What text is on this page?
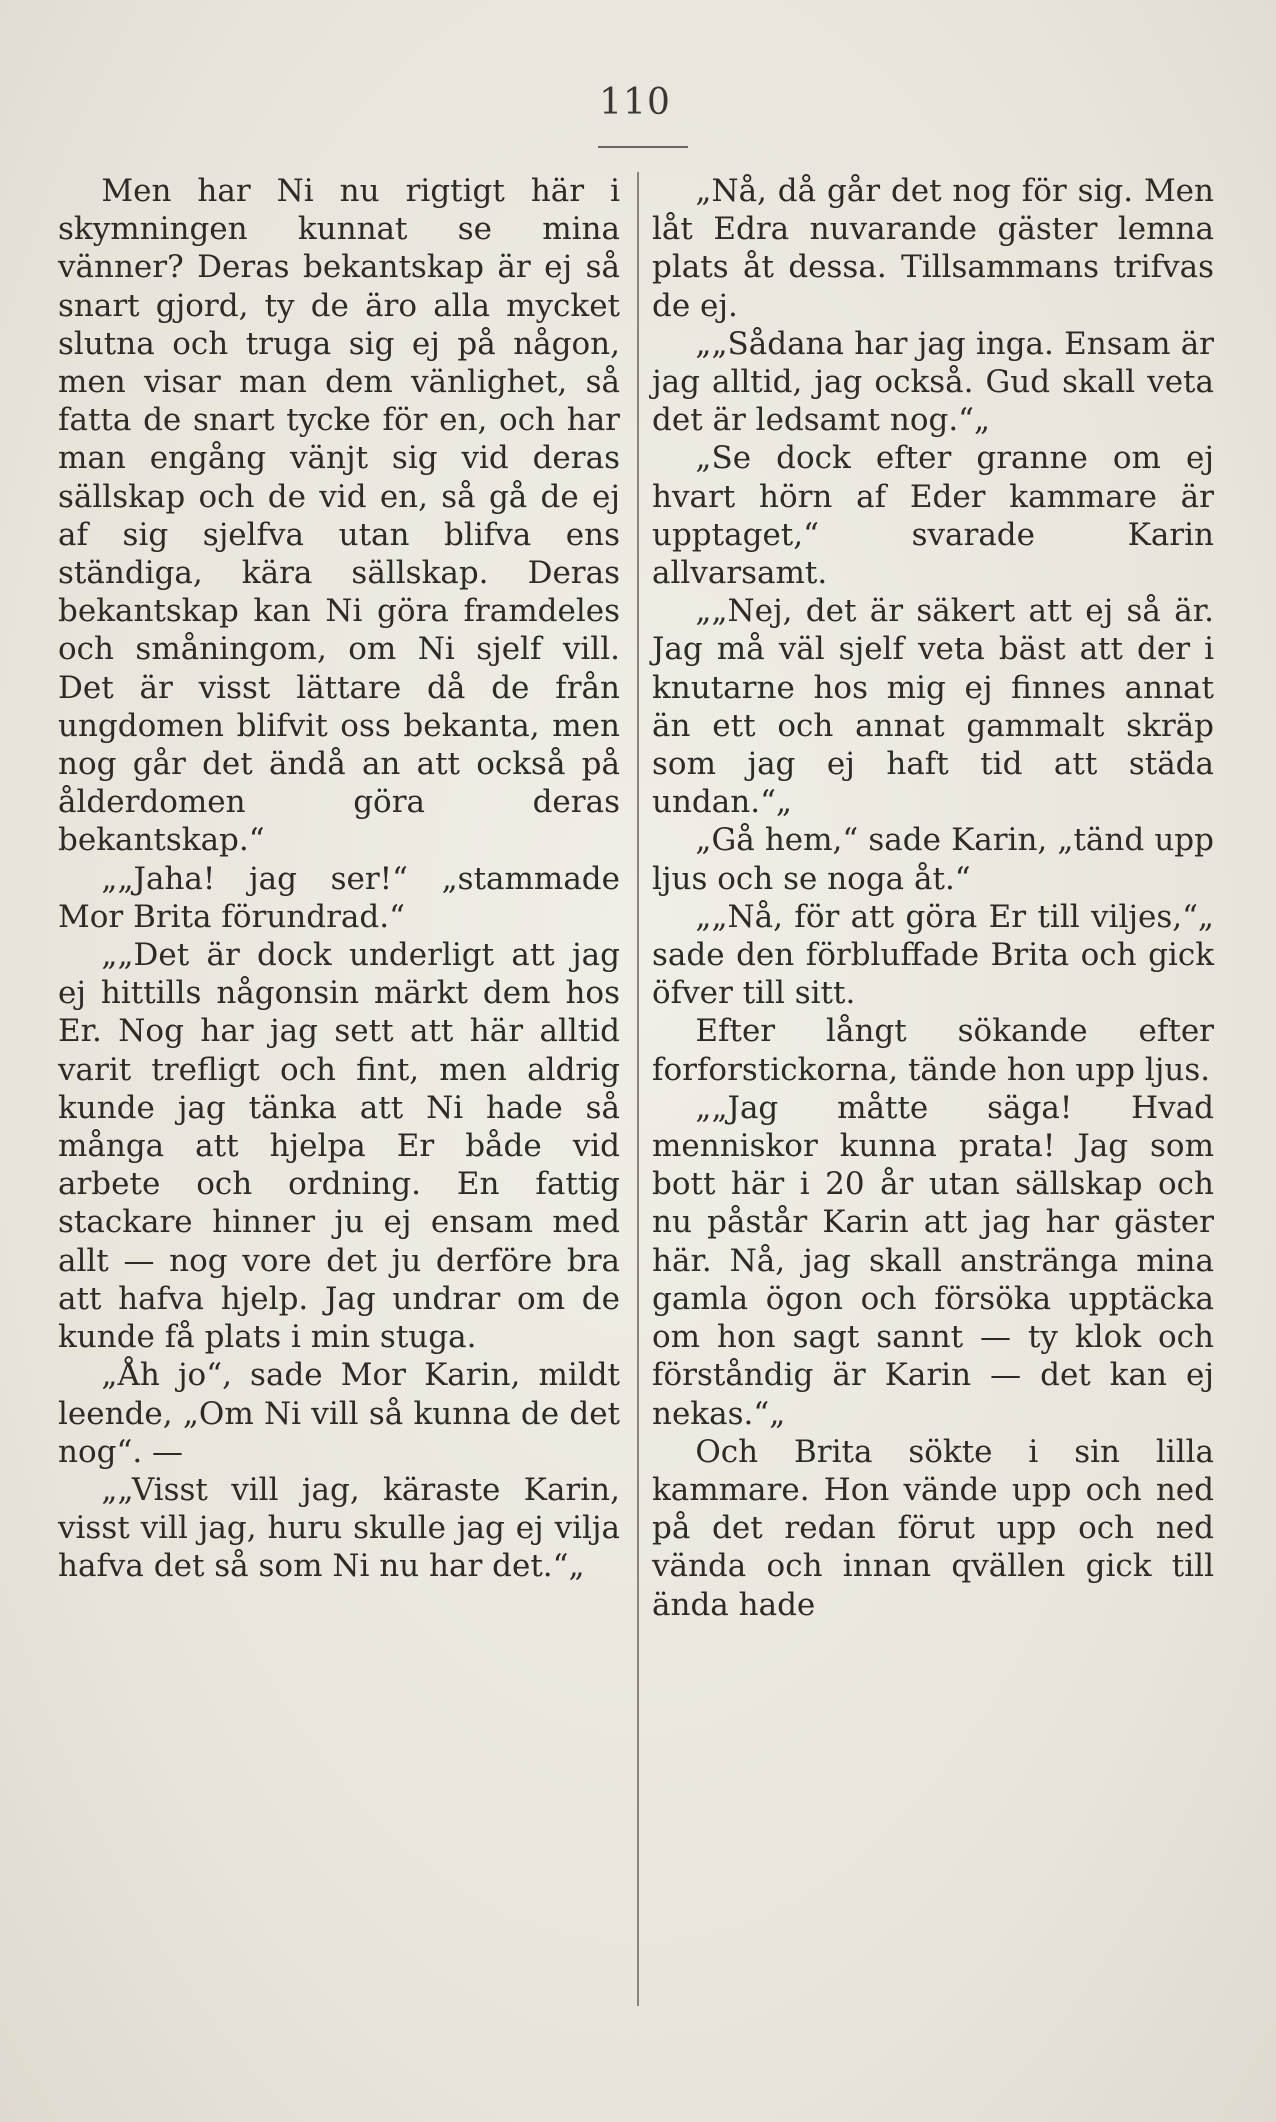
110

Men har Ni nu rigtigt här i skymningen kunnat se mina vänner? Deras bekantskap är ej så snart gjord, ty de äro alla mycket slutna och truga sig ej på någon, men visar man dem vänlighet, så fatta de snart tycke för en, och har man engång vänjt sig vid deras sällskap och de vid en, så gå de ej af sig sjelfva utan blifva ens ständiga, kära sällskap. Deras bekantskap kan Ni göra framdeles och småningom, om Ni sjelf vill. Det är visst lättare då de från ungdomen blifvit oss bekanta, men nog går det ändå an att också på ålderdomen göra deras bekantskap.“

„„Jaha! jag ser!“ „stammade Mor Brita förundrad.“

„„Det är dock underligt att jag ej hittills någonsin märkt dem hos Er. Nog har jag sett att här alltid varit trefligt och fint, men aldrig kunde jag tänka att Ni hade så många att hjelpa Er både vid arbete och ordning. En fattig stackare hinner ju ej ensam med allt — nog vore det ju derföre bra att hafva hjelp. Jag undrar om de kunde få plats i min stuga.

„Åh jo“, sade Mor Karin, mildt leende, „Om Ni vill så kunna de det nog“. —

„„Visst vill jag, käraste Karin, visst vill jag, huru skulle jag ej vilja hafva det så som Ni nu har det.“„

„Nå, då går det nog för sig. Men låt Edra nuvarande gäster lemna plats åt dessa. Tillsammans trifvas de ej.

„„Sådana har jag inga. Ensam är jag alltid, jag också. Gud skall veta det är ledsamt nog.“„

„Se dock efter granne om ej hvart hörn af Eder kammare är upptaget,“ svarade Karin allvarsamt.

„„Nej, det är säkert att ej så är. Jag må väl sjelf veta bäst att der i knutarne hos mig ej finnes annat än ett och annat gammalt skräp som jag ej haft tid att städa undan.“„

„Gå hem,“ sade Karin, „tänd upp ljus och se noga åt.“

„„Nå, för att göra Er till viljes,“„ sade den förbluffade Brita och gick öfver till sitt.

Efter långt sökande efter forforstickorna, tände hon upp ljus.

„„Jag måtte säga! Hvad menniskor kunna prata! Jag som bott här i 20 år utan sällskap och nu påstår Karin att jag har gäster här. Nå, jag skall anstränga mina gamla ögon och försöka upptäcka om hon sagt sannt — ty klok och förståndig är Karin — det kan ej nekas.“„

Och Brita sökte i sin lilla kammare. Hon vände upp och ned på det redan förut upp och ned vända och innan qvällen gick till ända hade
